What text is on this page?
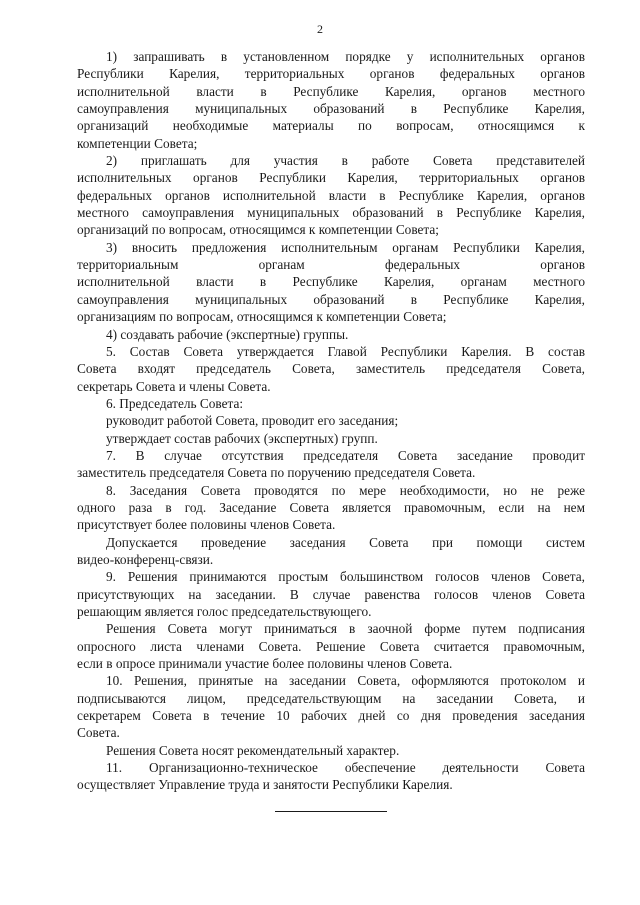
2
1) запрашивать в установленном порядке у исполнительных органов
Республики Карелия, территориальных органов федеральных органов
исполнительной власти в Республике Карелия, органов местного
самоуправления муниципальных образований в Республике Карелия,
организаций необходимые материалы по вопросам, относящимся к
компетенции Совета;
2) приглашать для участия в работе Совета представителей
исполнительных органов Республики Карелия, территориальных органов
федеральных органов исполнительной власти в Республике Карелия, органов
местного самоуправления муниципальных образований в Республике Карелия,
организаций по вопросам, относящимся к компетенции Совета;
3) вносить предложения исполнительным органам Республики Карелия,
территориальным органам федеральных органов
исполнительной власти в Республике Карелия, органам местного
самоуправления муниципальных образований в Республике Карелия,
организациям по вопросам, относящимся к компетенции Совета;
4) создавать рабочие (экспертные) группы.
5. Состав Совета утверждается Главой Республики Карелия. В состав
Совета входят председатель Совета, заместитель председателя Совета,
секретарь Совета и члены Совета.
6. Председатель Совета:
руководит работой Совета, проводит его заседания;
утверждает состав рабочих (экспертных) групп.
7. В случае отсутствия председателя Совета заседание проводит
заместитель председателя Совета по поручению председателя Совета.
8. Заседания Совета проводятся по мере необходимости, но не реже
одного раза в год. Заседание Совета является правомочным, если на нем
присутствует более половины членов Совета.
Допускается проведение заседания Совета при помощи систем
видео-конференц-связи.
9. Решения принимаются простым большинством голосов членов Совета,
присутствующих на заседании. В случае равенства голосов членов Совета
решающим является голос председательствующего.
Решения Совета могут приниматься в заочной форме путем подписания
опросного листа членами Совета. Решение Совета считается правомочным,
если в опросе принимали участие более половины членов Совета.
10. Решения, принятые на заседании Совета, оформляются протоколом и
подписываются лицом, председательствующим на заседании Совета, и
секретарем Совета в течение 10 рабочих дней со дня проведения заседания
Совета.
Решения Совета носят рекомендательный характер.
11. Организационно-техническое обеспечение деятельности Совета
осуществляет Управление труда и занятости Республики Карелия.
